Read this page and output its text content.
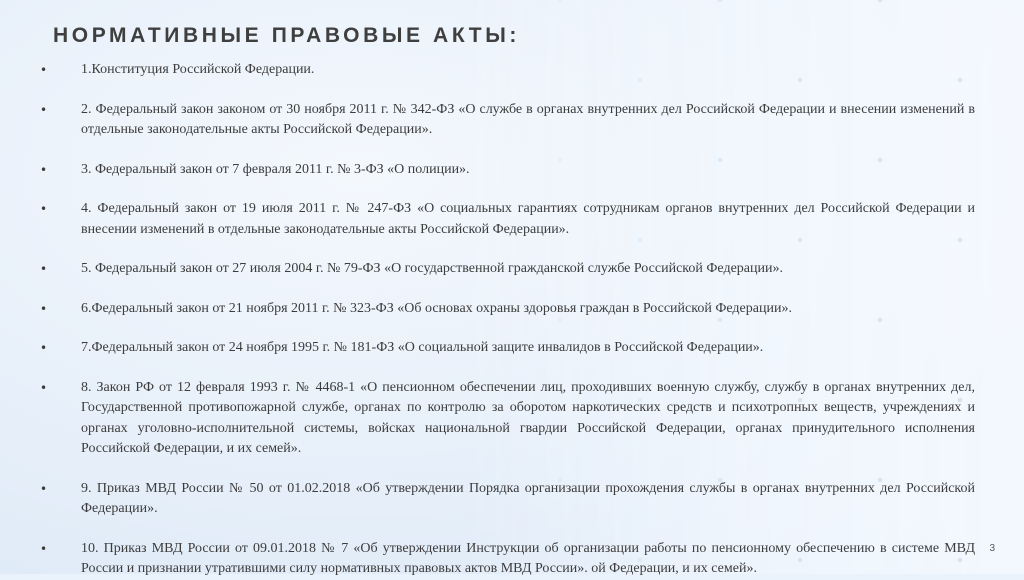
НОРМАТИВНЫЕ ПРАВОВЫЕ АКТЫ:
• 1.Конституция Российской Федерации.
• 2. Федеральный закон законом от 30 ноября 2011 г. № 342-ФЗ «О службе в органах внутренних дел Российской Федерации и внесении изменений в отдельные законодательные акты Российской Федерации».
• 3. Федеральный закон от 7 февраля 2011 г. № 3-ФЗ «О полиции».
• 4. Федеральный закон от 19 июля 2011 г. № 247-ФЗ «О социальных гарантиях сотрудникам органов внутренних дел Российской Федерации и внесении изменений в отдельные законодательные акты Российской Федерации».
• 5. Федеральный закон от 27 июля 2004 г. № 79-ФЗ «О государственной гражданской службе Российской Федерации».
• 6.Федеральный закон от 21 ноября 2011 г. № 323-ФЗ «Об основах охраны здоровья граждан в Российской Федерации».
• 7.Федеральный закон от 24 ноября 1995 г. № 181-ФЗ «О социальной защите инвалидов в Российской Федерации».
• 8. Закон РФ от 12 февраля 1993 г. № 4468-1 «О пенсионном обеспечении лиц, проходивших военную службу, службу в органах внутренних дел, Государственной противопожарной службе, органах по контролю за оборотом наркотических средств и психотропных веществ, учреждениях и органах уголовно-исполнительной системы, войсках национальной гвардии Российской Федерации, органах принудительного исполнения Российской Федерации, и их семей».
• 9. Приказ МВД России № 50 от 01.02.2018 «Об утверждении Порядка организации прохождения службы в органах внутренних дел Российской Федерации».
• 10. Приказ МВД России от 09.01.2018 № 7 «Об утверждении Инструкции об организации работы по пенсионному обеспечению в системе МВД России и признании утратившими силу нормативных правовых актов МВД России». ой Федерации, и их семей».
3
